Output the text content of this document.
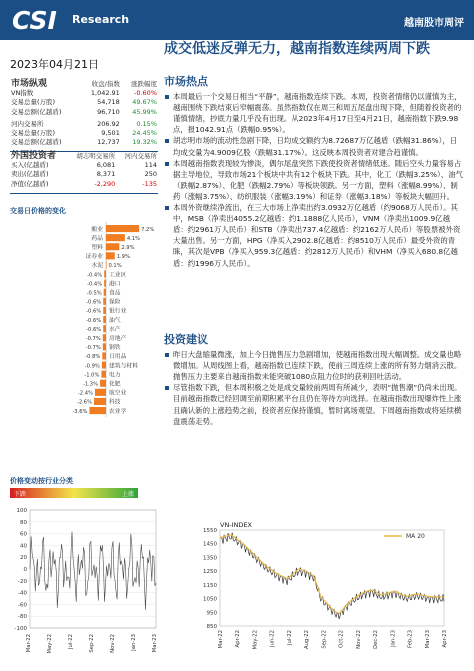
CSI Research	越南股市周评
2023年04月21日
成交低迷反弹无力，越南指数连续两周下跌
市场纵观	收盘/指数	涨跌幅度
VN指数	1,042.91	-0.60%
交易总量(万股)	54,718	49.67%
交易总额(亿越盾)	96,710	45.99%
河内交易所	206.92	0.15%
交易总量(万股)	9,501	24.45%
交易总额(亿越盾)	12,737	19.32%
外国投资者	胡志明交易所	河内交易所
买入(亿越盾)	6,081	114
卖出(亿越盾)	8,371	250
净值(亿越盾)	-2,290	-135
交易日价格的变化
酿业	7.2%
药品	4.1%
塑料	2.9%
证券业	1.9%
水泥 0.1%
-0.4% 工业区
-0.4% 港口
-0.5% 食品
-0.6% 保险
-0.6% 银行业
-0.6% 油气
-0.6% 水产
-0.7% 房地产
-0.7% 钢铁
-0.8% 日用品
-0.9% 建筑与材料
-1.0% 电力
-1.3% 化肥
-2.4%	航空业
-2.6%	科技
-3.6%	农业学
价格变动按行业分类
下跌	上涨
100
80
60
40
20
0
-20
-40
-60
-80
-100
Mar-22	May-22	Jul-22	Sep-22	Nov-22	Jan-23	Mar-23
市场热点

本周最后一个交易日相当“平静”，越南指数连续下跌。本周，投资者情绪仍以谨慎为主，越南围绕下跌结束后窄幅震荡。虽然指数仅在周三和周五尾盘出现下降，但随着投资者的谨慎情绪，抄底力量几乎没有出现。从2023年4月17日至4月21日，越南指数下跌9.98点，报1042.91点（跌幅0.95%）。

胡志明市场的流动性急剧下降，日均成交额约为8.72687万亿越盾（跌幅31.86%），日均成交量为4.9009亿股（跌幅31.17%）。这反映本周投资者对建合趋谨慎。

本周越南指数表现较为惨淡，偶尔尾盘突然下跌使投资者情绪低迷。随后空头力量容易占据主导地位，导致市场21个板块中共有12个板块下跌。其中，化工（跌幅3.25%）、油气（跌幅2.87%）、化肥（跌幅2.79%）等板块领跌。另一方面，塑料（涨幅8.99%）、制药（涨幅3.75%）、纺织服装（涨幅3.19%）和证券（涨幅3.18%）等板块大幅回升。

本周外资继续净流出，在三大市场上净卖出约3.0932万亿越盾（约9068万人民币）。其中，MSB（净卖出4055.2亿越盾：约1.1888亿人民币），VNM（净卖出1009.9亿越盾：约2961万人民币）和STB（净卖出737.4亿越盾：约2162万人民币）等股票被外资大量出售。另一方面，HPG（净买入2902.8亿越盾：约8510万人民币）最受外资的青睐，其次是VPB（净买入959.3亿越盾：约2812万人民币）和VHM（净买入680.8亿越盾：约1996万人民币）。

投资建议

昨日大盘缩量微涨，加上今日抛售压力急剧增加，使越南指数出现大幅调整。成交量也略微增加。从周线图上看，越南指数已连续下跌，使前三周连续上涨的所有努力烟消云散。抛售压力主要来自越南指数未能突破1080点阻力位时的获利回吐活动。

尽管指数下跌，但本周积极之处是成交量较前两周有所减少，表明“抛售潮”仍尚未出现。目前越南指数已经回调至前期积累平台且仍在等待方向选择。在越南指数出现爆炸性上涨且确认新的上涨趋势之前，投资者应保持谨慎，暂时离场观望。下周越南指数或将延续横盘震荡走势。

VN-INDEX
1550
1450
1350
1250
1150
1050
950
850
MA 20
Mar-22 Apr-22 May-22 Jun-22 Jul-22 Aug-22 Sep-22 Oct-22 Nov-22 Dec-22 Jan-23 Feb-23 Mar-23 Apr-23
